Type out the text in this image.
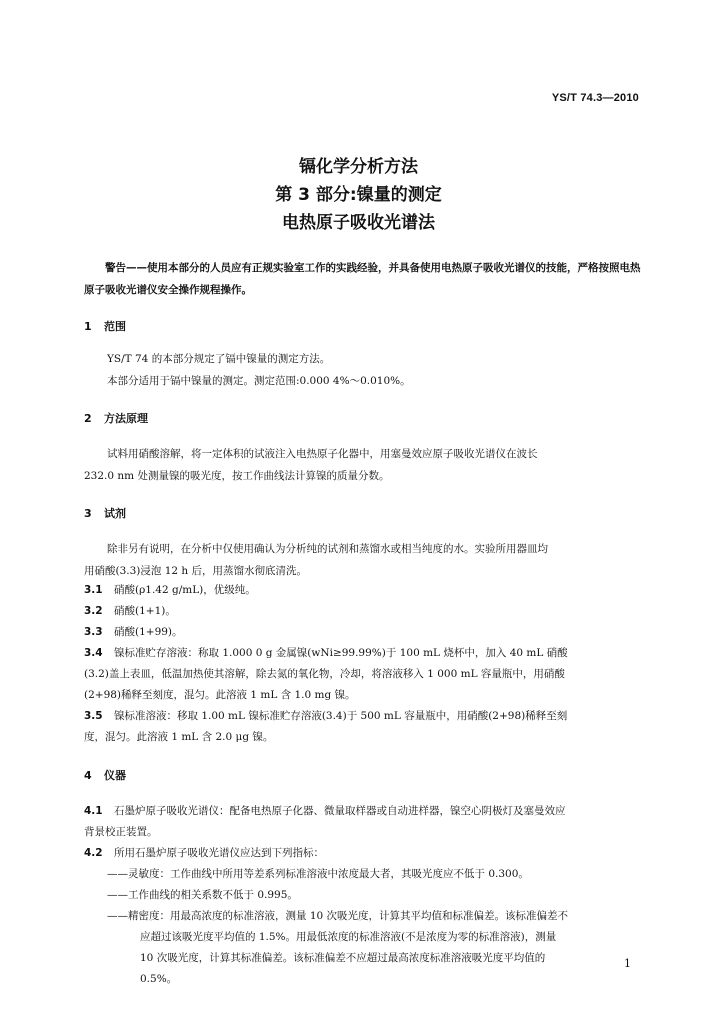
YS/T 74.3—2010
镉化学分析方法
第 3 部分:镍量的测定
电热原子吸收光谱法
警告——使用本部分的人员应有正规实验室工作的实践经验，并具备使用电热原子吸收光谱仪的技能，严格按照电热原子吸收光谱仪安全操作规程操作。
1 范围
YS/T 74 的本部分规定了镉中镍量的测定方法。
本部分适用于镉中镍量的测定。测定范围:0.000 4%～0.010%。
2 方法原理
试料用硝酸溶解，将一定体积的试液注入电热原子化器中，用塞曼效应原子吸收光谱仪在波长
232.0 nm 处测量镍的吸光度，按工作曲线法计算镍的质量分数。
3 试剂
除非另有说明，在分析中仅使用确认为分析纯的试剂和蒸馏水或相当纯度的水。实验所用器皿均
用硝酸(3.3)浸泡 12 h 后，用蒸馏水彻底清洗。
3.1 硝酸(ρ1.42 g/mL)，优级纯。
3.2 硝酸(1+1)。
3.3 硝酸(1+99)。
3.4 镍标准贮存溶液：称取 1.000 0 g 金属镍(wNi≥99.99%)于 100 mL 烧杯中，加入 40 mL 硝酸
(3.2)盖上表皿，低温加热使其溶解，除去氮的氧化物，冷却，将溶液移入 1 000 mL 容量瓶中，用硝酸
(2+98)稀释至刻度，混匀。此溶液 1 mL 含 1.0 mg 镍。
3.5 镍标准溶液：移取 1.00 mL 镍标准贮存溶液(3.4)于 500 mL 容量瓶中，用硝酸(2+98)稀释至刻
度，混匀。此溶液 1 mL 含 2.0 μg 镍。
4 仪器
4.1 石墨炉原子吸收光谱仪：配备电热原子化器、微量取样器或自动进样器，镍空心阴极灯及塞曼效应
背景校正装置。
4.2 所用石墨炉原子吸收光谱仪应达到下列指标：
——灵敏度：工作曲线中所用等差系列标准溶液中浓度最大者，其吸光度应不低于 0.300。
——工作曲线的相关系数不低于 0.995。
——精密度：用最高浓度的标准溶液，测量 10 次吸光度，计算其平均值和标准偏差。该标准偏差不
应超过该吸光度平均值的 1.5%。用最低浓度的标准溶液(不是浓度为零的标准溶液)，测量
10 次吸光度，计算其标准偏差。该标准偏差不应超过最高浓度标准溶液吸光度平均值的
0.5%。
1
